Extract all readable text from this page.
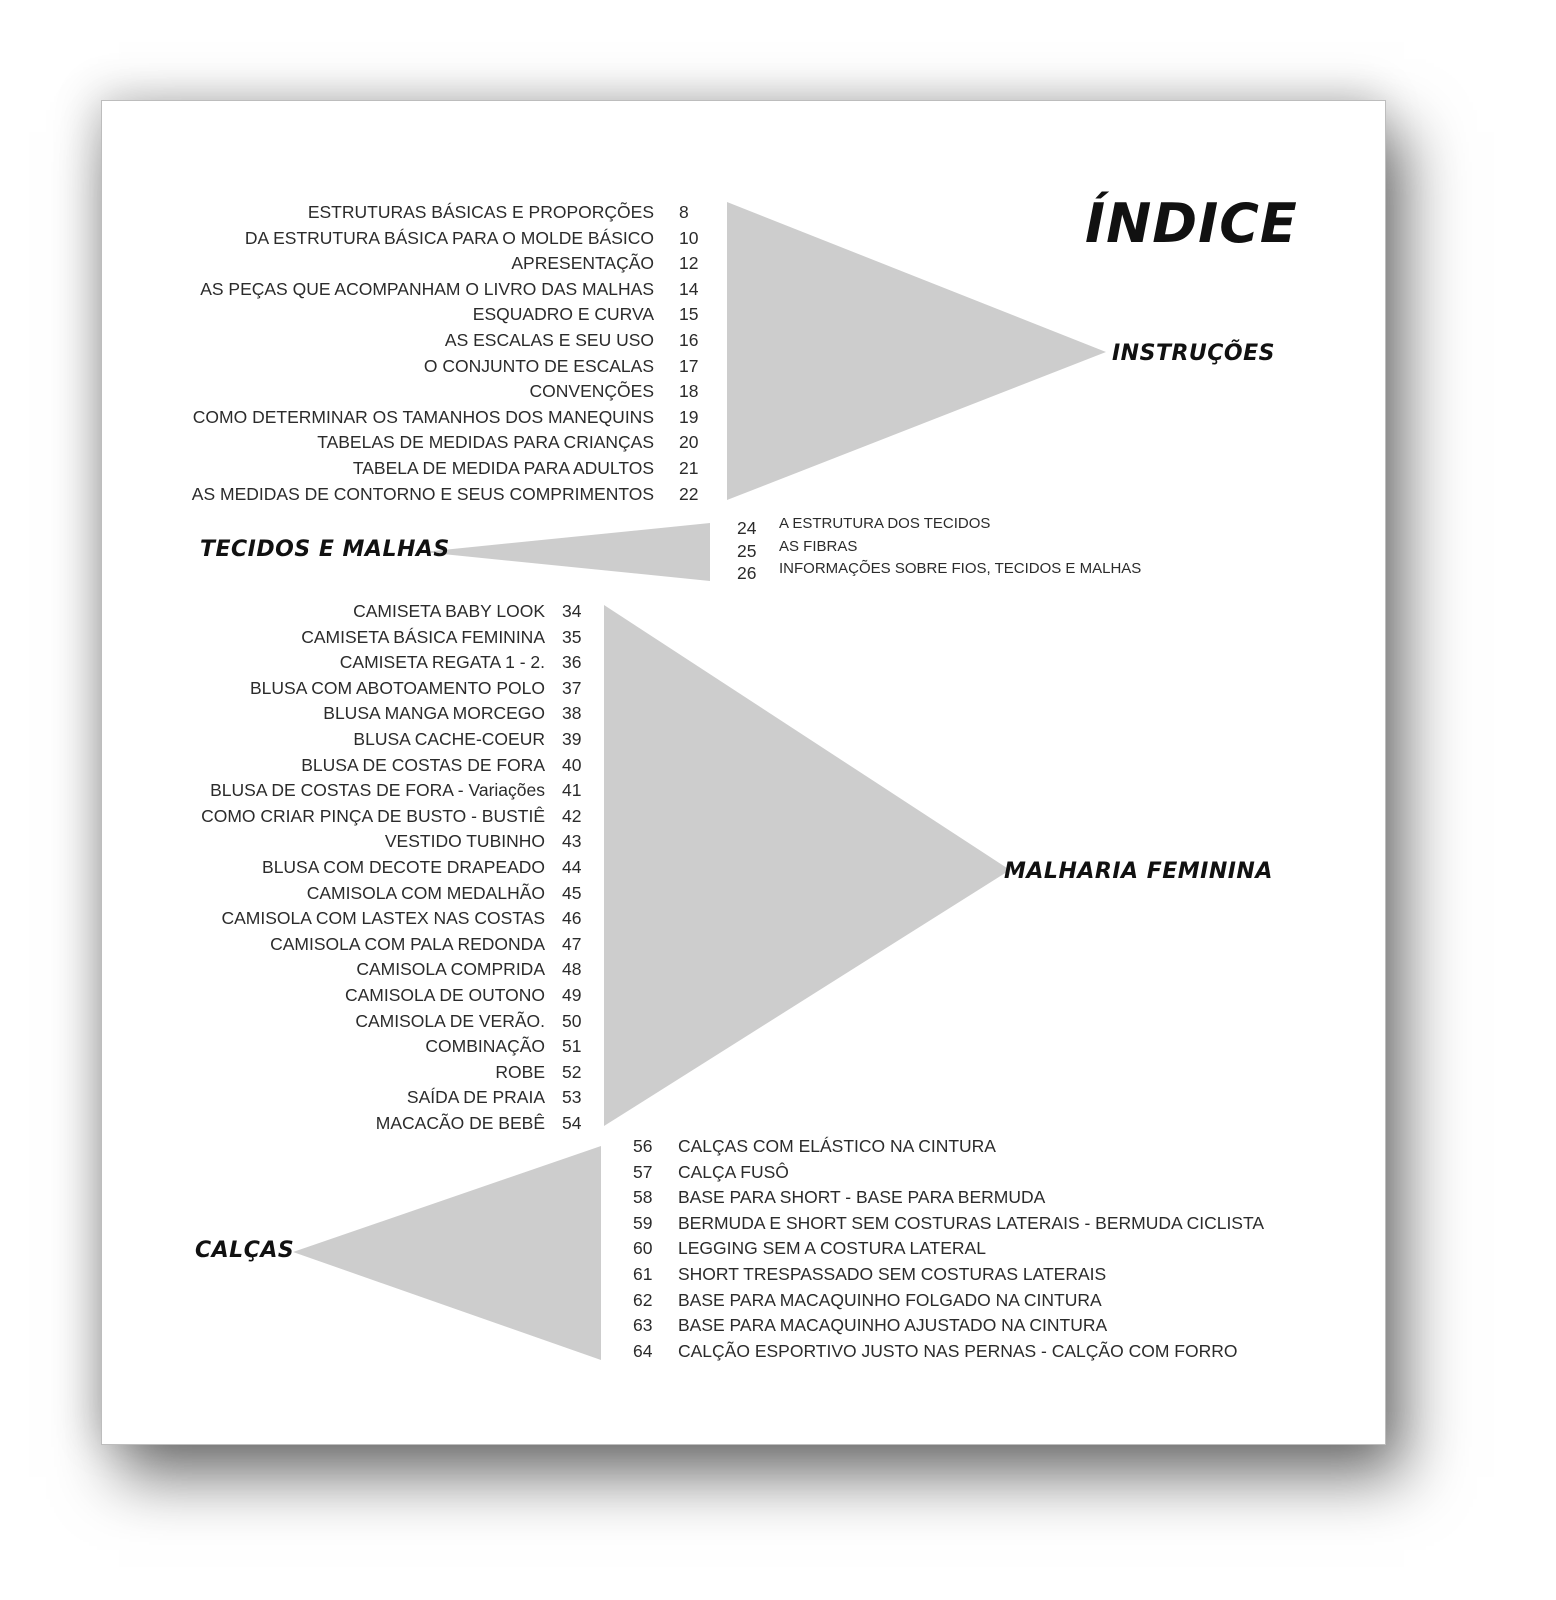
ÍNDICE
INSTRUÇÕES
TECIDOS E MALHAS
MALHARIA FEMININA
CALÇAS
ESTRUTURAS BÁSICAS E PROPORÇÕES 8
DA ESTRUTURA BÁSICA PARA O MOLDE BÁSICO 10
APRESENTAÇÃO 12
AS PEÇAS QUE ACOMPANHAM O LIVRO DAS MALHAS 14
ESQUADRO E CURVA 15
AS ESCALAS E SEU USO 16
O CONJUNTO DE ESCALAS 17
CONVENÇÕES 18
COMO DETERMINAR OS TAMANHOS DOS MANEQUINS 19
TABELAS DE MEDIDAS PARA CRIANÇAS 20
TABELA DE MEDIDA PARA ADULTOS 21
AS MEDIDAS DE CONTORNO E SEUS COMPRIMENTOS 22
CAMISETA BABY LOOK 34
CAMISETA BÁSICA FEMININA 35
CAMISETA REGATA 1 - 2. 36
BLUSA COM ABOTOAMENTO POLO 37
BLUSA MANGA MORCEGO 38
BLUSA CACHE-COEUR 39
BLUSA DE COSTAS DE FORA 40
BLUSA DE COSTAS DE FORA - Variações 41
COMO CRIAR PINÇA DE BUSTO - BUSTIÊ 42
VESTIDO TUBINHO 43
BLUSA COM DECOTE DRAPEADO 44
CAMISOLA COM MEDALHÃO 45
CAMISOLA COM LASTEX NAS COSTAS 46
CAMISOLA COM PALA REDONDA 47
CAMISOLA COMPRIDA 48
CAMISOLA DE OUTONO 49
CAMISOLA DE VERÃO. 50
COMBINAÇÃO 51
ROBE 52
SAÍDA DE PRAIA 53
MACACÃO DE BEBÊ 54
A ESTRUTURA DOS TECIDOS
24
AS FIBRAS
25
INFORMAÇÕES SOBRE FIOS, TECIDOS E MALHAS
26
CALÇAS COM ELÁSTICO NA CINTURA
56
CALÇA FUSÔ
57
BASE PARA SHORT - BASE PARA BERMUDA
58
BERMUDA E SHORT SEM COSTURAS LATERAIS - BERMUDA CICLISTA
59
LEGGING SEM A COSTURA LATERAL
60
SHORT TRESPASSADO SEM COSTURAS LATERAIS
61
BASE PARA MACAQUINHO FOLGADO NA CINTURA
62
BASE PARA MACAQUINHO AJUSTADO NA CINTURA
63
CALÇÃO ESPORTIVO JUSTO NAS PERNAS - CALÇÃO COM FORRO
64
